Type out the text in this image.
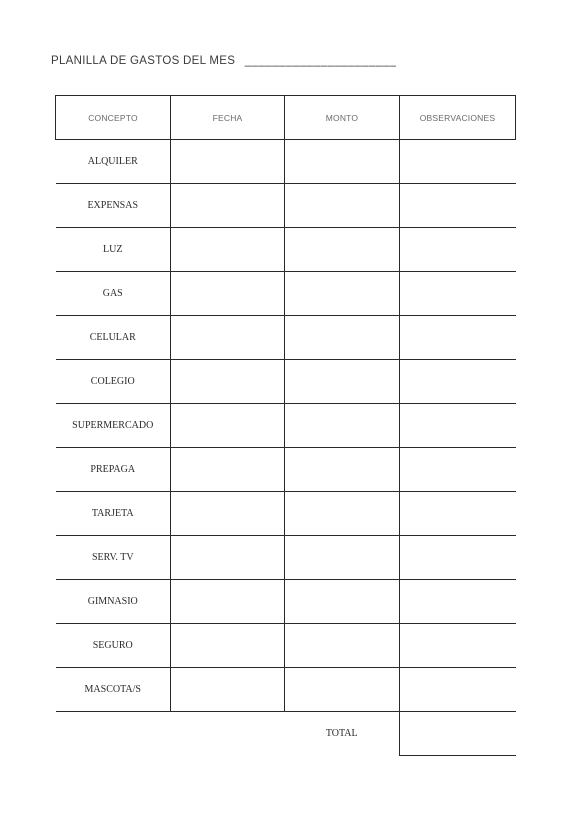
PLANILLA DE GASTOS DEL MES ______________________
CONCEPTO	FECHA	MONTO	OBSERVACIONES
ALQUILER			
EXPENSAS			
LUZ			
GAS			
CELULAR			
COLEGIO			
SUPERMERCADO			
PREPAGA			
TARJETA			
SERV. TV			
GIMNASIO			
SEGURO			
MASCOTA/S			
		TOTAL	
